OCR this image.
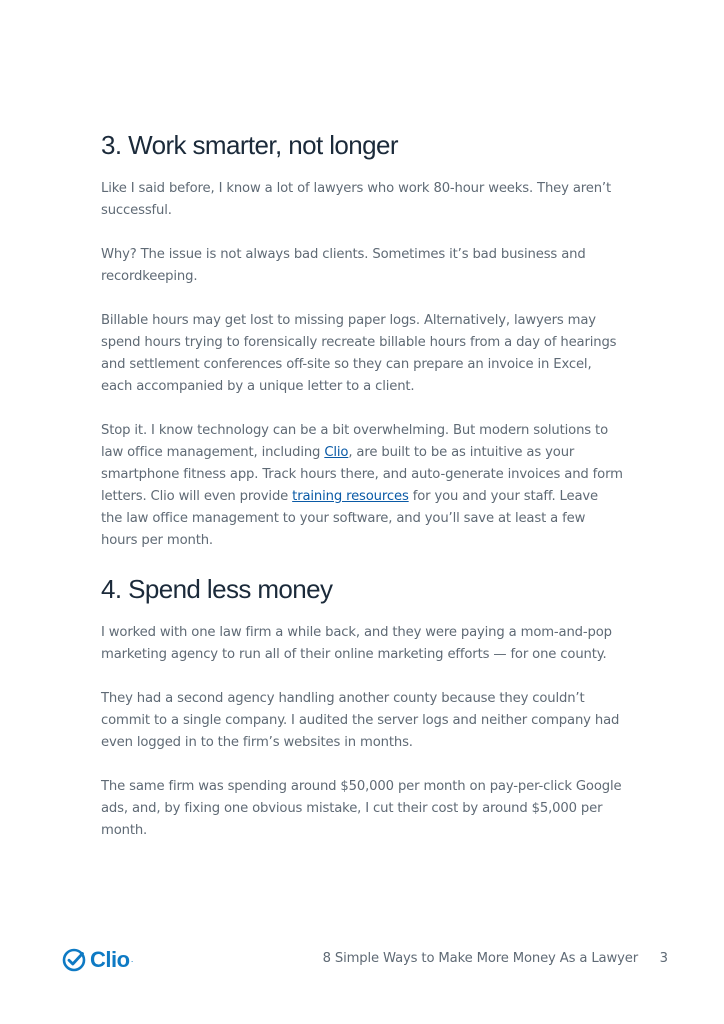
3. Work smarter, not longer

Like I said before, I know a lot of lawyers who work 80-hour weeks. They aren’t successful.

Why? The issue is not always bad clients. Sometimes it’s bad business and recordkeeping.

Billable hours may get lost to missing paper logs. Alternatively, lawyers may spend hours trying to forensically recreate billable hours from a day of hearings and settlement conferences off-site so they can prepare an invoice in Excel, each accompanied by a unique letter to a client.

Stop it. I know technology can be a bit overwhelming. But modern solutions to law office management, including Clio, are built to be as intuitive as your smartphone fitness app. Track hours there, and auto-generate invoices and form letters. Clio will even provide training resources for you and your staff. Leave the law office management to your software, and you’ll save at least a few hours per month.

4. Spend less money

I worked with one law firm a while back, and they were paying a mom-and-pop marketing agency to run all of their online marketing efforts — for one county.

They had a second agency handling another county because they couldn’t commit to a single company. I audited the server logs and neither company had even logged in to the firm’s websites in months.

The same firm was spending around $50,000 per month on pay-per-click Google ads, and, by fixing one obvious mistake, I cut their cost by around $5,000 per month.

Clio ·	8 Simple Ways to Make More Money As a Lawyer 3
